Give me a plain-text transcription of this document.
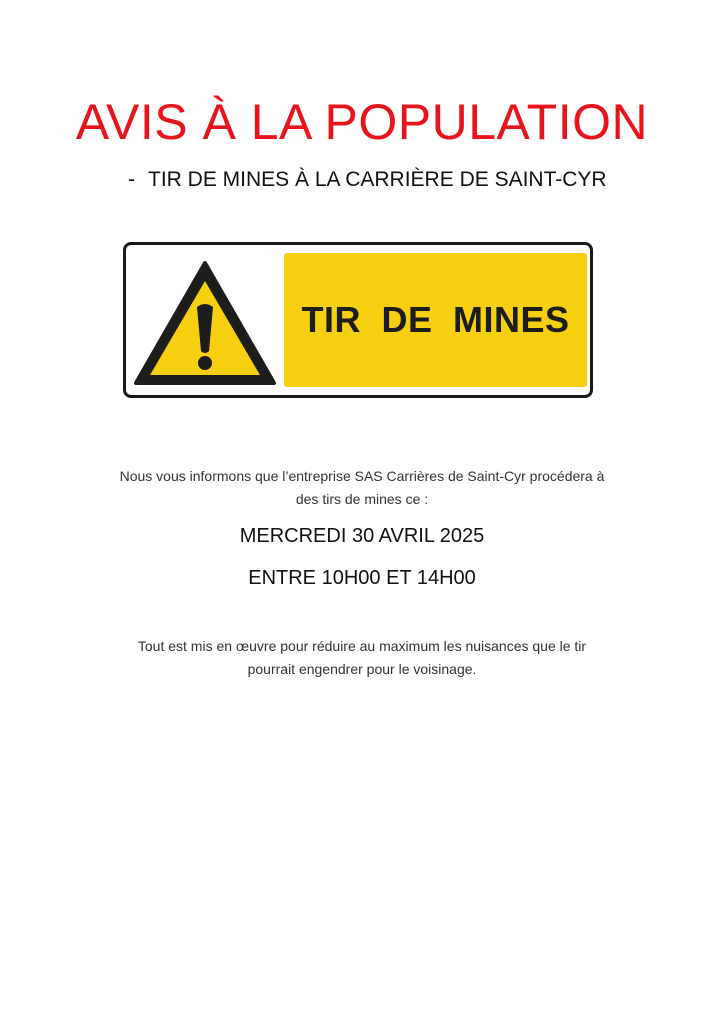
AVIS À LA POPULATION
- TIR DE MINES À LA CARRIÈRE DE SAINT-CYR
TIR DE MINES
Nous vous informons que l’entreprise SAS Carrières de Saint-Cyr procédera à
des tirs de mines ce :
MERCREDI 30 AVRIL 2025
ENTRE 10H00 ET 14H00
Tout est mis en œuvre pour réduire au maximum les nuisances que le tir
pourrait engendrer pour le voisinage.
